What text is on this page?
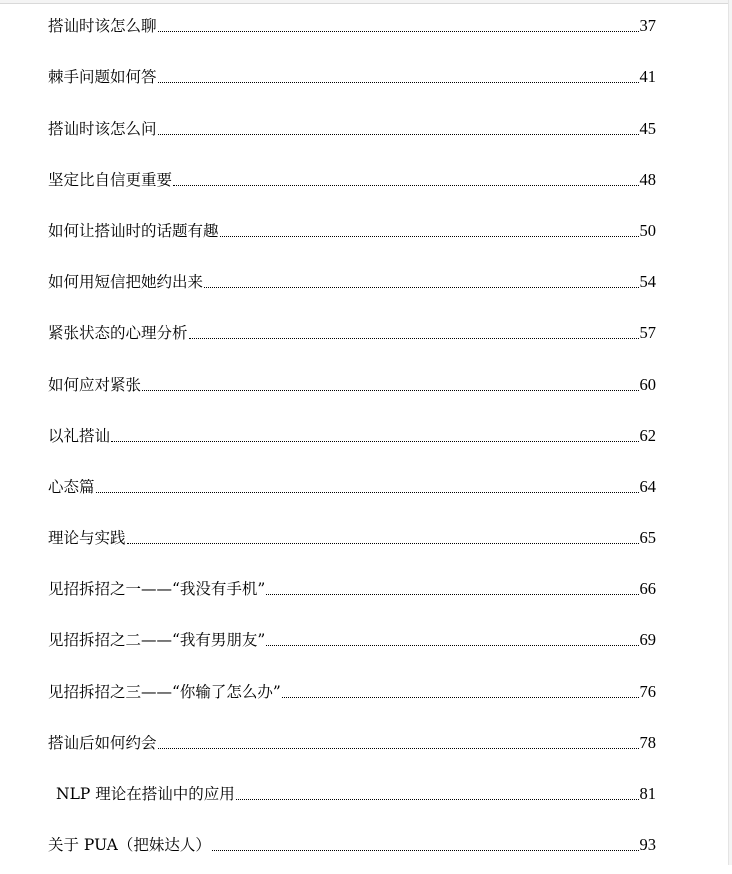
搭讪时该怎么聊	37
棘手问题如何答	41
搭讪时该怎么问	45
坚定比自信更重要	48
如何让搭讪时的话题有趣	50
如何用短信把她约出来	54
紧张状态的心理分析	57
如何应对紧张	60
以礼搭讪	62
心态篇	64
理论与实践	65
见招拆招之一——“我没有手机”	66
见招拆招之二——“我有男朋友”	69
见招拆招之三——“你输了怎么办”	76
搭讪后如何约会	78
NLP 理论在搭讪中的应用	81
关于 PUA（把妹达人）	93
